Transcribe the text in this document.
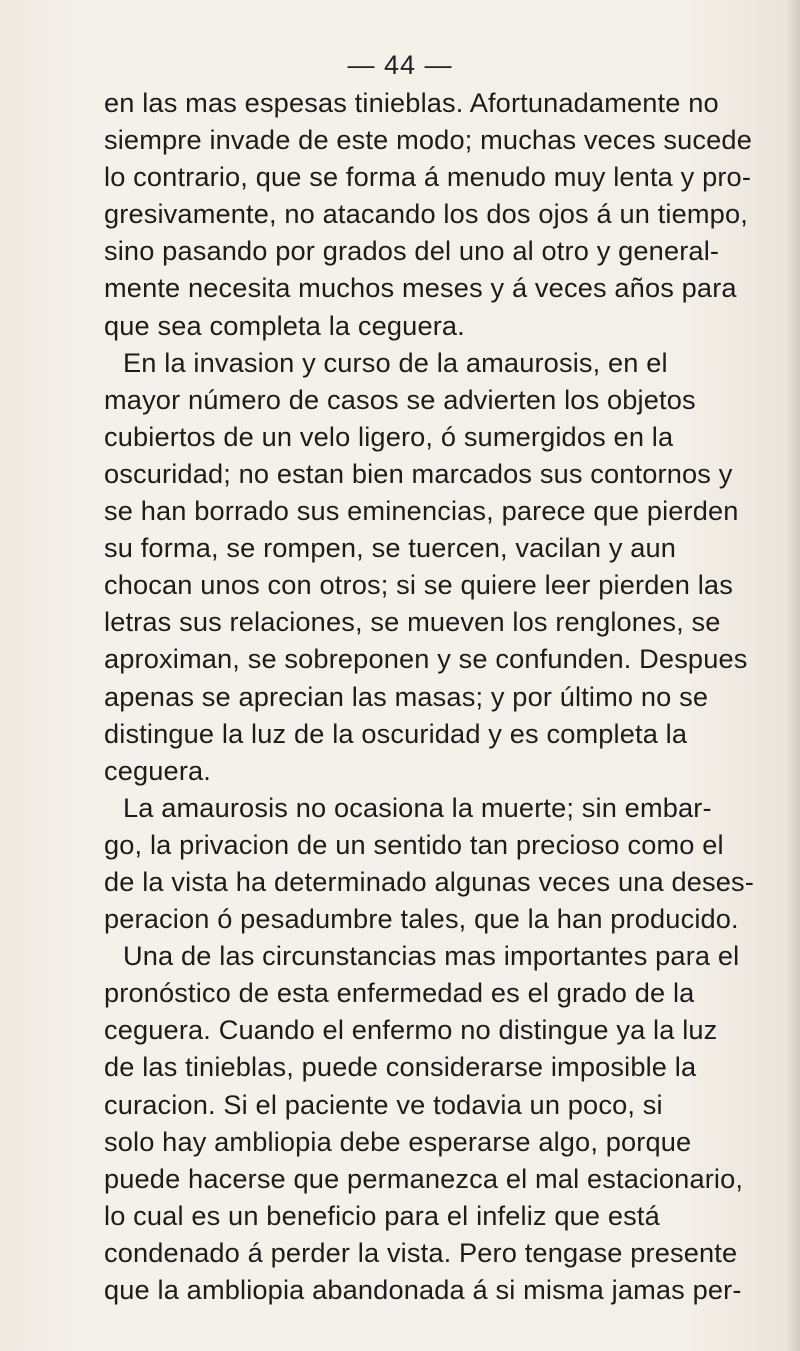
— 44 —
en las mas espesas tinieblas. Afortunadamente no
siempre invade de este modo; muchas veces sucede
lo contrario, que se forma á menudo muy lenta y pro-
gresivamente, no atacando los dos ojos á un tiempo,
sino pasando por grados del uno al otro y general-
mente necesita muchos meses y á veces años para
que sea completa la ceguera.
En la invasion y curso de la amaurosis, en el
mayor número de casos se advierten los objetos
cubiertos de un velo ligero, ó sumergidos en la
oscuridad; no estan bien marcados sus contornos y
se han borrado sus eminencias, parece que pierden
su forma, se rompen, se tuercen, vacilan y aun
chocan unos con otros; si se quiere leer pierden las
letras sus relaciones, se mueven los renglones, se
aproximan, se sobreponen y se confunden. Despues
apenas se aprecian las masas; y por último no se
distingue la luz de la oscuridad y es completa la
ceguera.
La amaurosis no ocasiona la muerte; sin embar-
go, la privacion de un sentido tan precioso como el
de la vista ha determinado algunas veces una deses-
peracion ó pesadumbre tales, que la han producido.
Una de las circunstancias mas importantes para el
pronóstico de esta enfermedad es el grado de la
ceguera. Cuando el enfermo no distingue ya la luz
de las tinieblas, puede considerarse imposible la
curacion. Si el paciente ve todavia un poco, si
solo hay ambliopia debe esperarse algo, porque
puede hacerse que permanezca el mal estacionario,
lo cual es un beneficio para el infeliz que está
condenado á perder la vista. Pero tengase presente
que la ambliopia abandonada á si misma jamas per-
